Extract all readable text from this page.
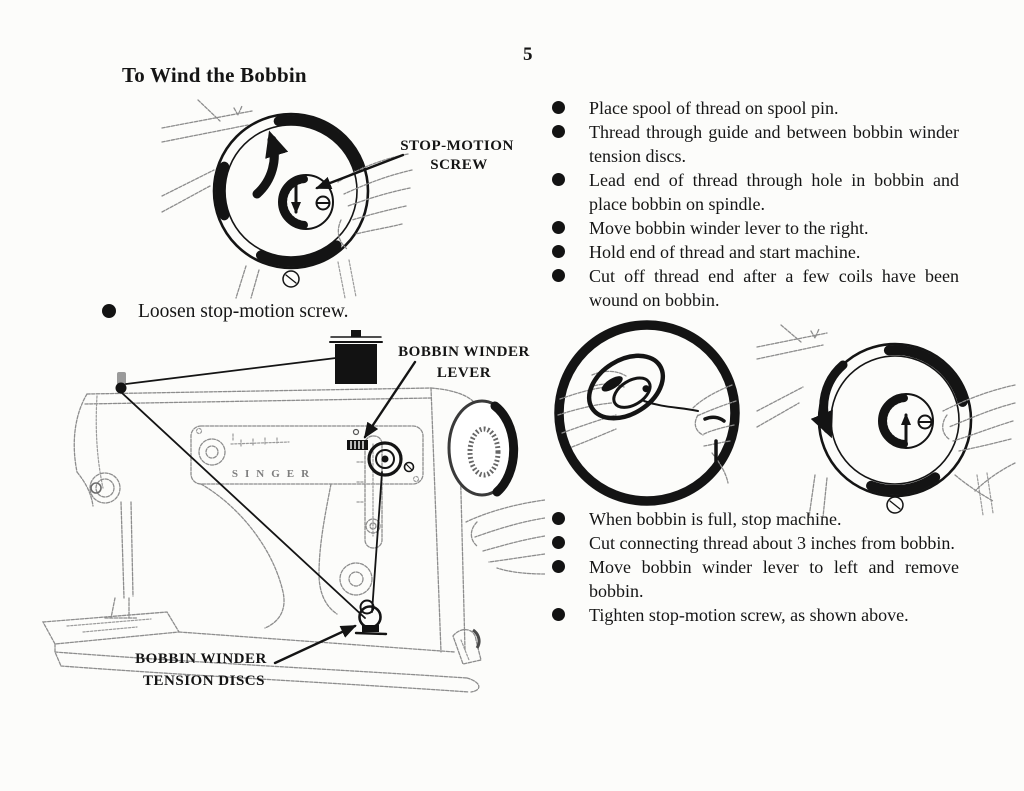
5
To Wind the Bobbin
STOP-MOTION
SCREW
Loosen stop-motion screw.
BOBBIN WINDER
LEVER
BOBBIN WINDER
TENSION DISCS
SINGER
Place spool of thread on spool pin.
Thread through guide and between bobbin winder tension discs.
Lead end of thread through hole in bobbin and place bobbin on spindle.
Move bobbin winder lever to the right.
Hold end of thread and start machine.
Cut off thread end after a few coils have been wound on bobbin.
When bobbin is full, stop machine.
Cut connecting thread about 3 inches from bobbin.
Move bobbin winder lever to left and remove bobbin.
Tighten stop-motion screw, as shown above.
